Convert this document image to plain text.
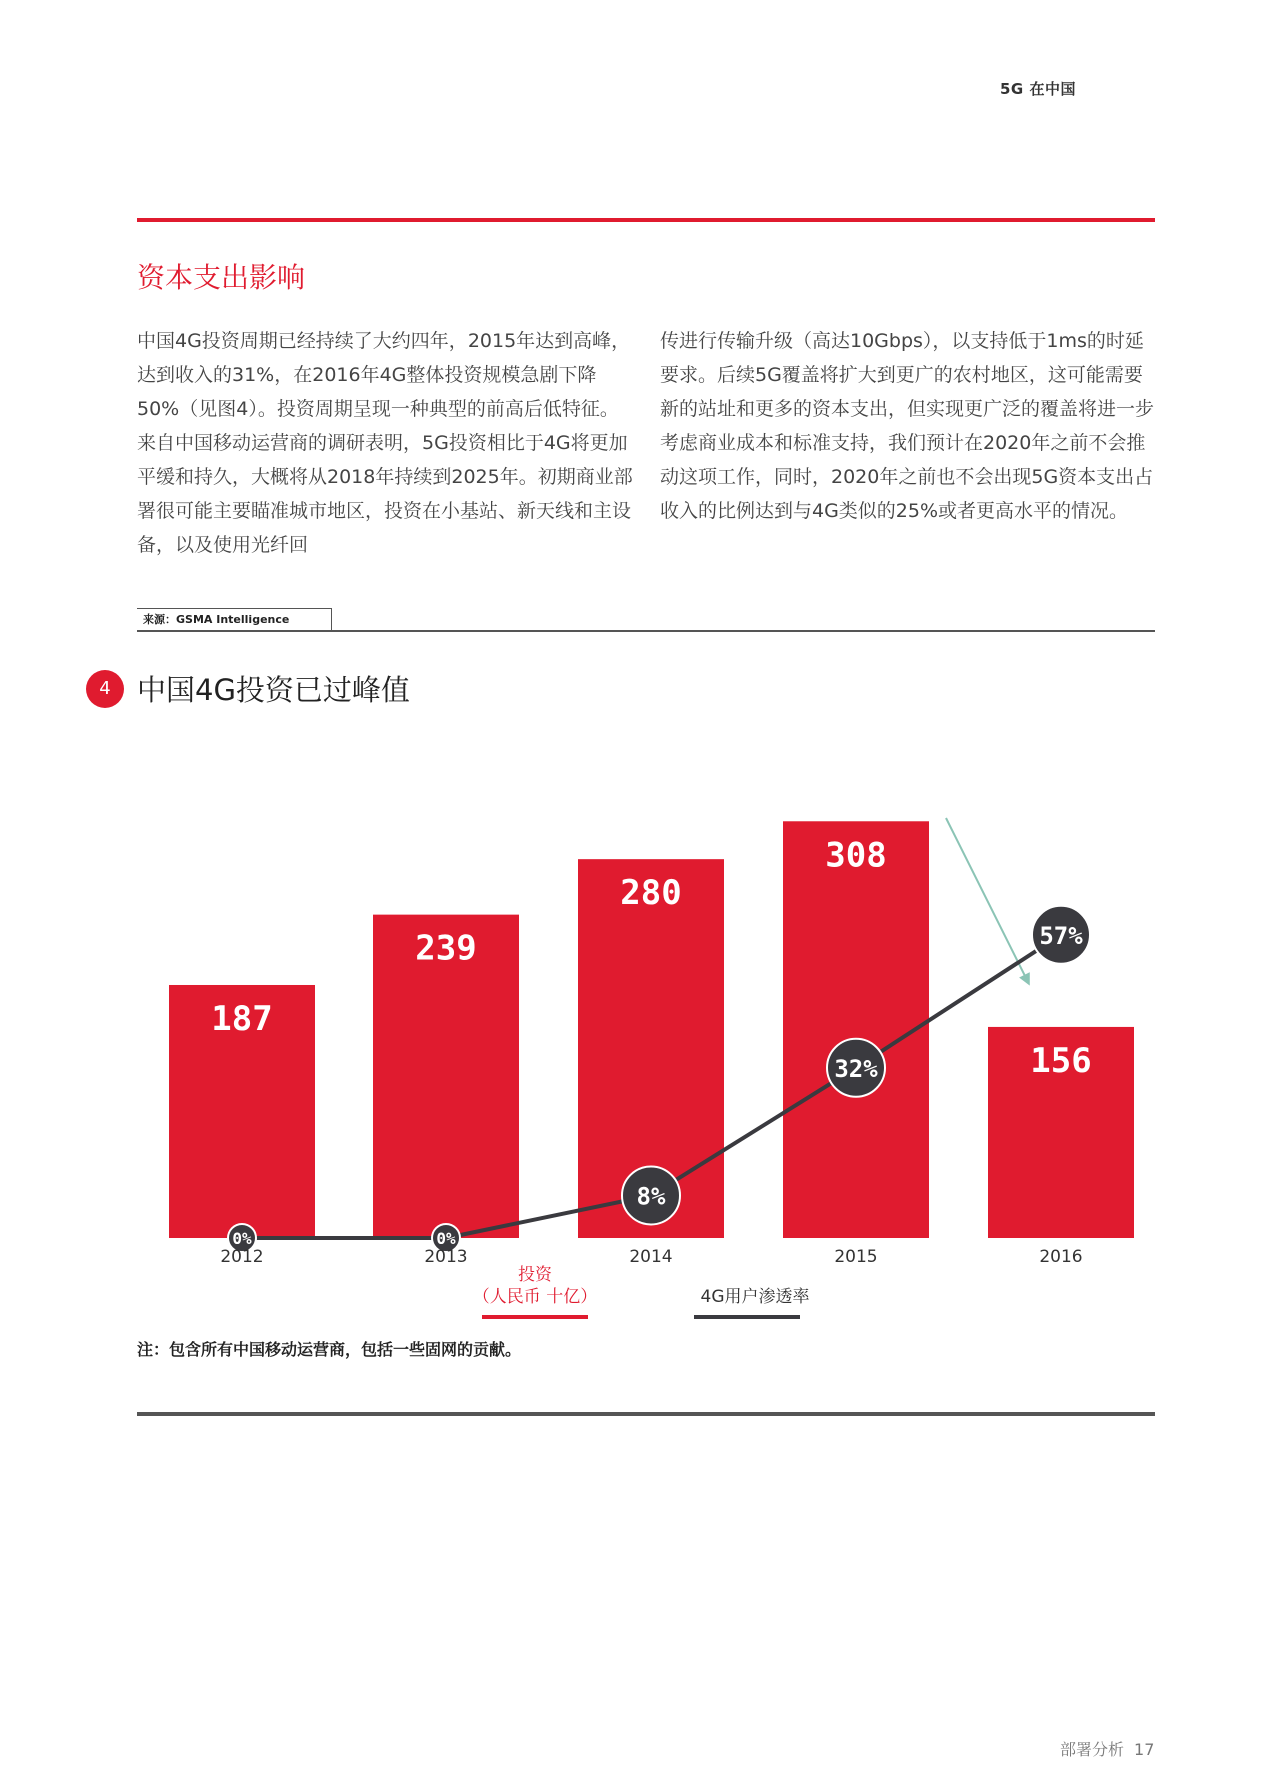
5G 在中国
资本支出影响

中国4G投资周期已经持续了大约四年，2015年达到高峰，达到收入的31%，在2016年4G整体投资规模急剧下降50%（见图4）。投资周期呈现一种典型的前高后低特征。来自中国移动运营商的调研表明，5G投资相比于4G将更加平缓和持久，大概将从2018年持续到2025年。初期商业部署很可能主要瞄准城市地区，投资在小基站、新天线和主设备，以及使用光纤回

传进行传输升级（高达10Gbps），以支持低于1ms的时延要求。后续5G覆盖将扩大到更广的农村地区，这可能需要新的站址和更多的资本支出，但实现更广泛的覆盖将进一步考虑商业成本和标准支持，我们预计在2020年之前不会推动这项工作，同时，2020年之前也不会出现5G资本支出占收入的比例达到与4G类似的25%或者更高水平的情况。

来源：GSMA Intelligence
4 中国4G投资已过峰值
187
239
280
308
156
0%	0%
8%
32%
57%
2012	2013	2014	2015	2016
投资
（人民币 十亿）	4G用户渗透率
注：包含所有中国移动运营商，包括一些固网的贡献。
部署分析 17
